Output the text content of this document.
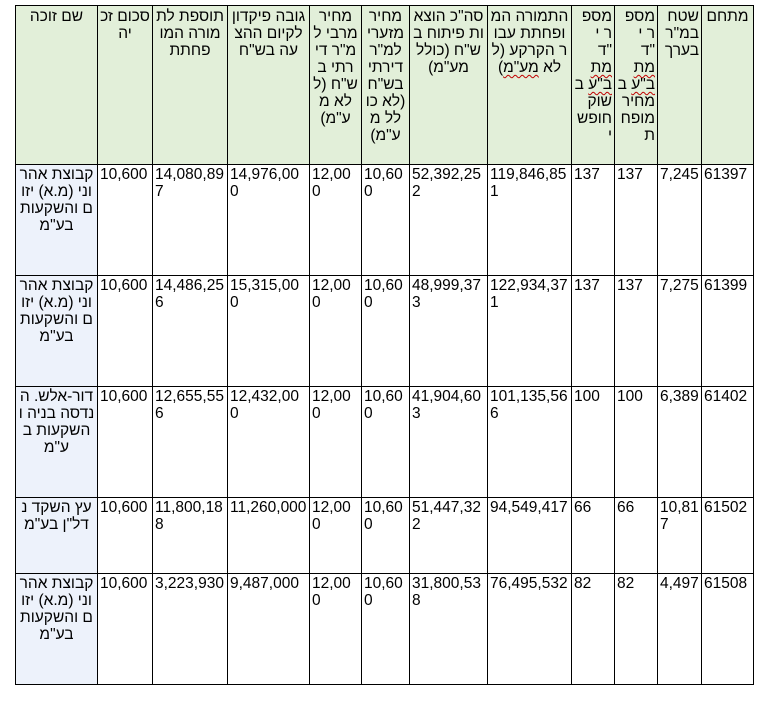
מתחם	שטח במ"ר בערך	מספר יח"ד מתב"ע במחיר מופחת	מספר יח"ד מתב"ע בשוק חופשי	התמורה המופחתת עבור הקרקע (ללא מע"מ)	סה"כ הוצאות פיתוח בש"ח (כולל מע"מ)	מחיר מזערי למ"ר דירתי בש"ח (לא כולל מע"מ)	מחיר מרבי למ"ר דירתי בש"ח (ללא מע"מ)	גובה פיקדון לקיום ההצעה בש"ח	תוספת לתמורה המופחתת	סכום זכיה	שם זוכה
61397	7,245	137	137	119,846,851	52,392,252	10,600	12,000	14,976,000	14,080,897	10,600	קבוצת אהרוני (מ.א) יזום והשקעות בע"מ
61399	7,275	137	137	122,934,371	48,999,373	10,600	12,000	15,315,000	14,486,256	10,600	קבוצת אהרוני (מ.א) יזום והשקעות בע"מ
61402	6,389	100	100	101,135,566	41,904,603	10,600	12,000	12,432,000	12,655,556	10,600	דור-אלש. הנדסה בניה והשקעות בע"מ
61502	10,817	66	66	94,549,417	51,447,322	10,600	12,000	11,260,000	11,800,188	10,600	עץ השקד נדל"ן בע"מ
61508	4,497	82	82	76,495,532	31,800,538	10,600	12,000	9,487,000	3,223,930	10,600	קבוצת אהרוני (מ.א) יזום והשקעות בע"מ
